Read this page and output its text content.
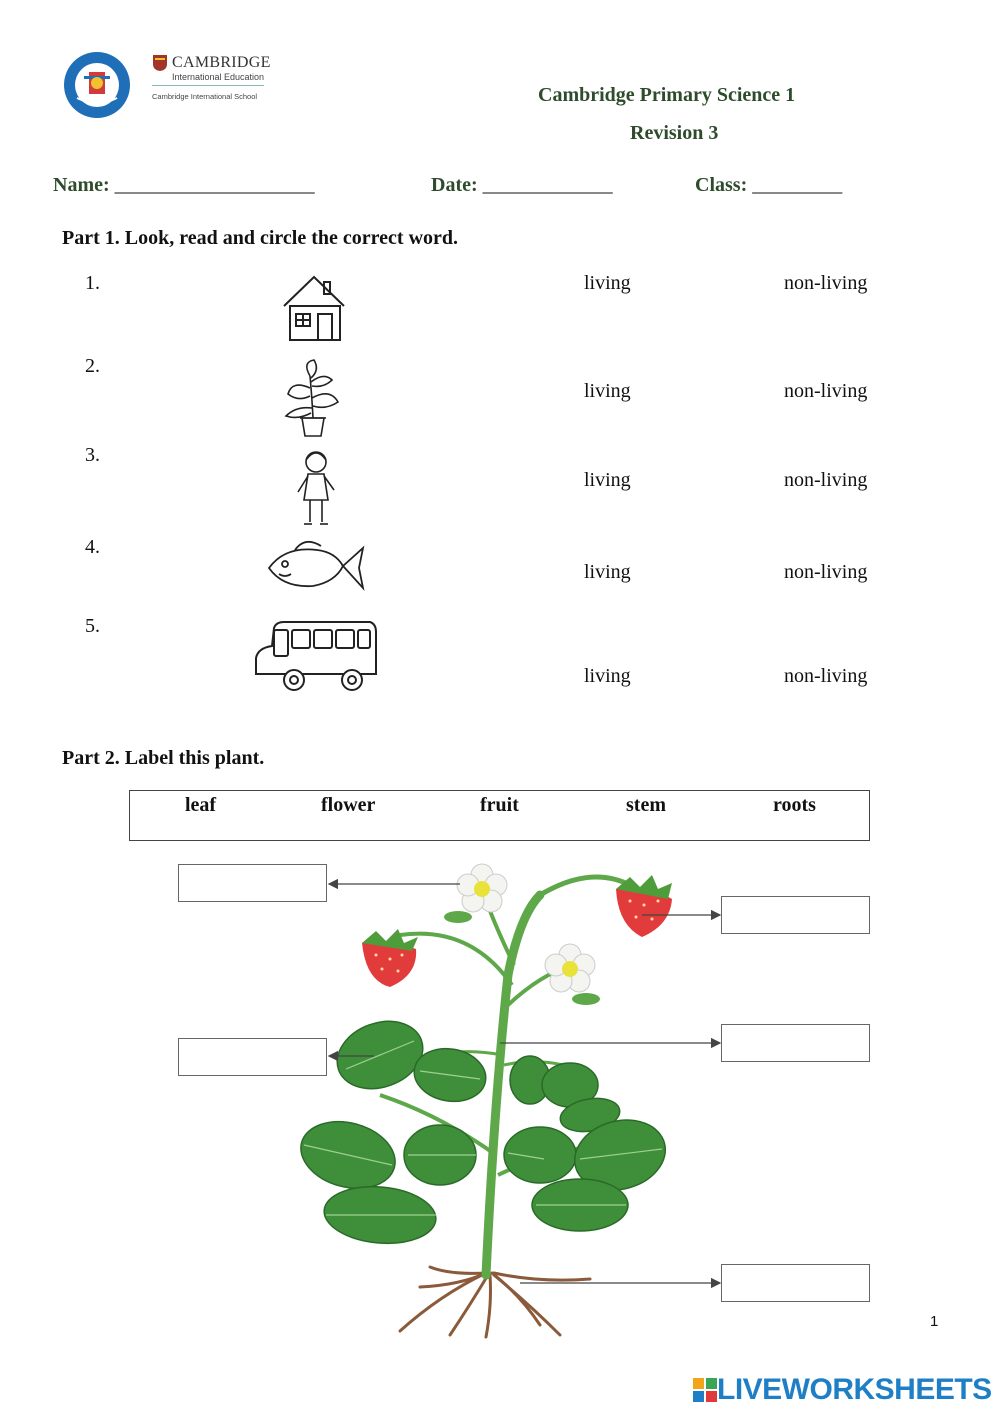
CAMBRIDGE
International Education
Cambridge International School	Cambridge Primary Science 1
Revision 3
Name: ____________________	Date: _____________	Class: _________
Part 1. Look, read and circle the correct word.
1.	living	non-living
2.
living	non-living
3.
living	non-living
4.
living	non-living
5.
living	non-living
Part 2. Label this plant.
leaf	flower	fruit	stem	roots
1
LIVEWORKSHEETS
